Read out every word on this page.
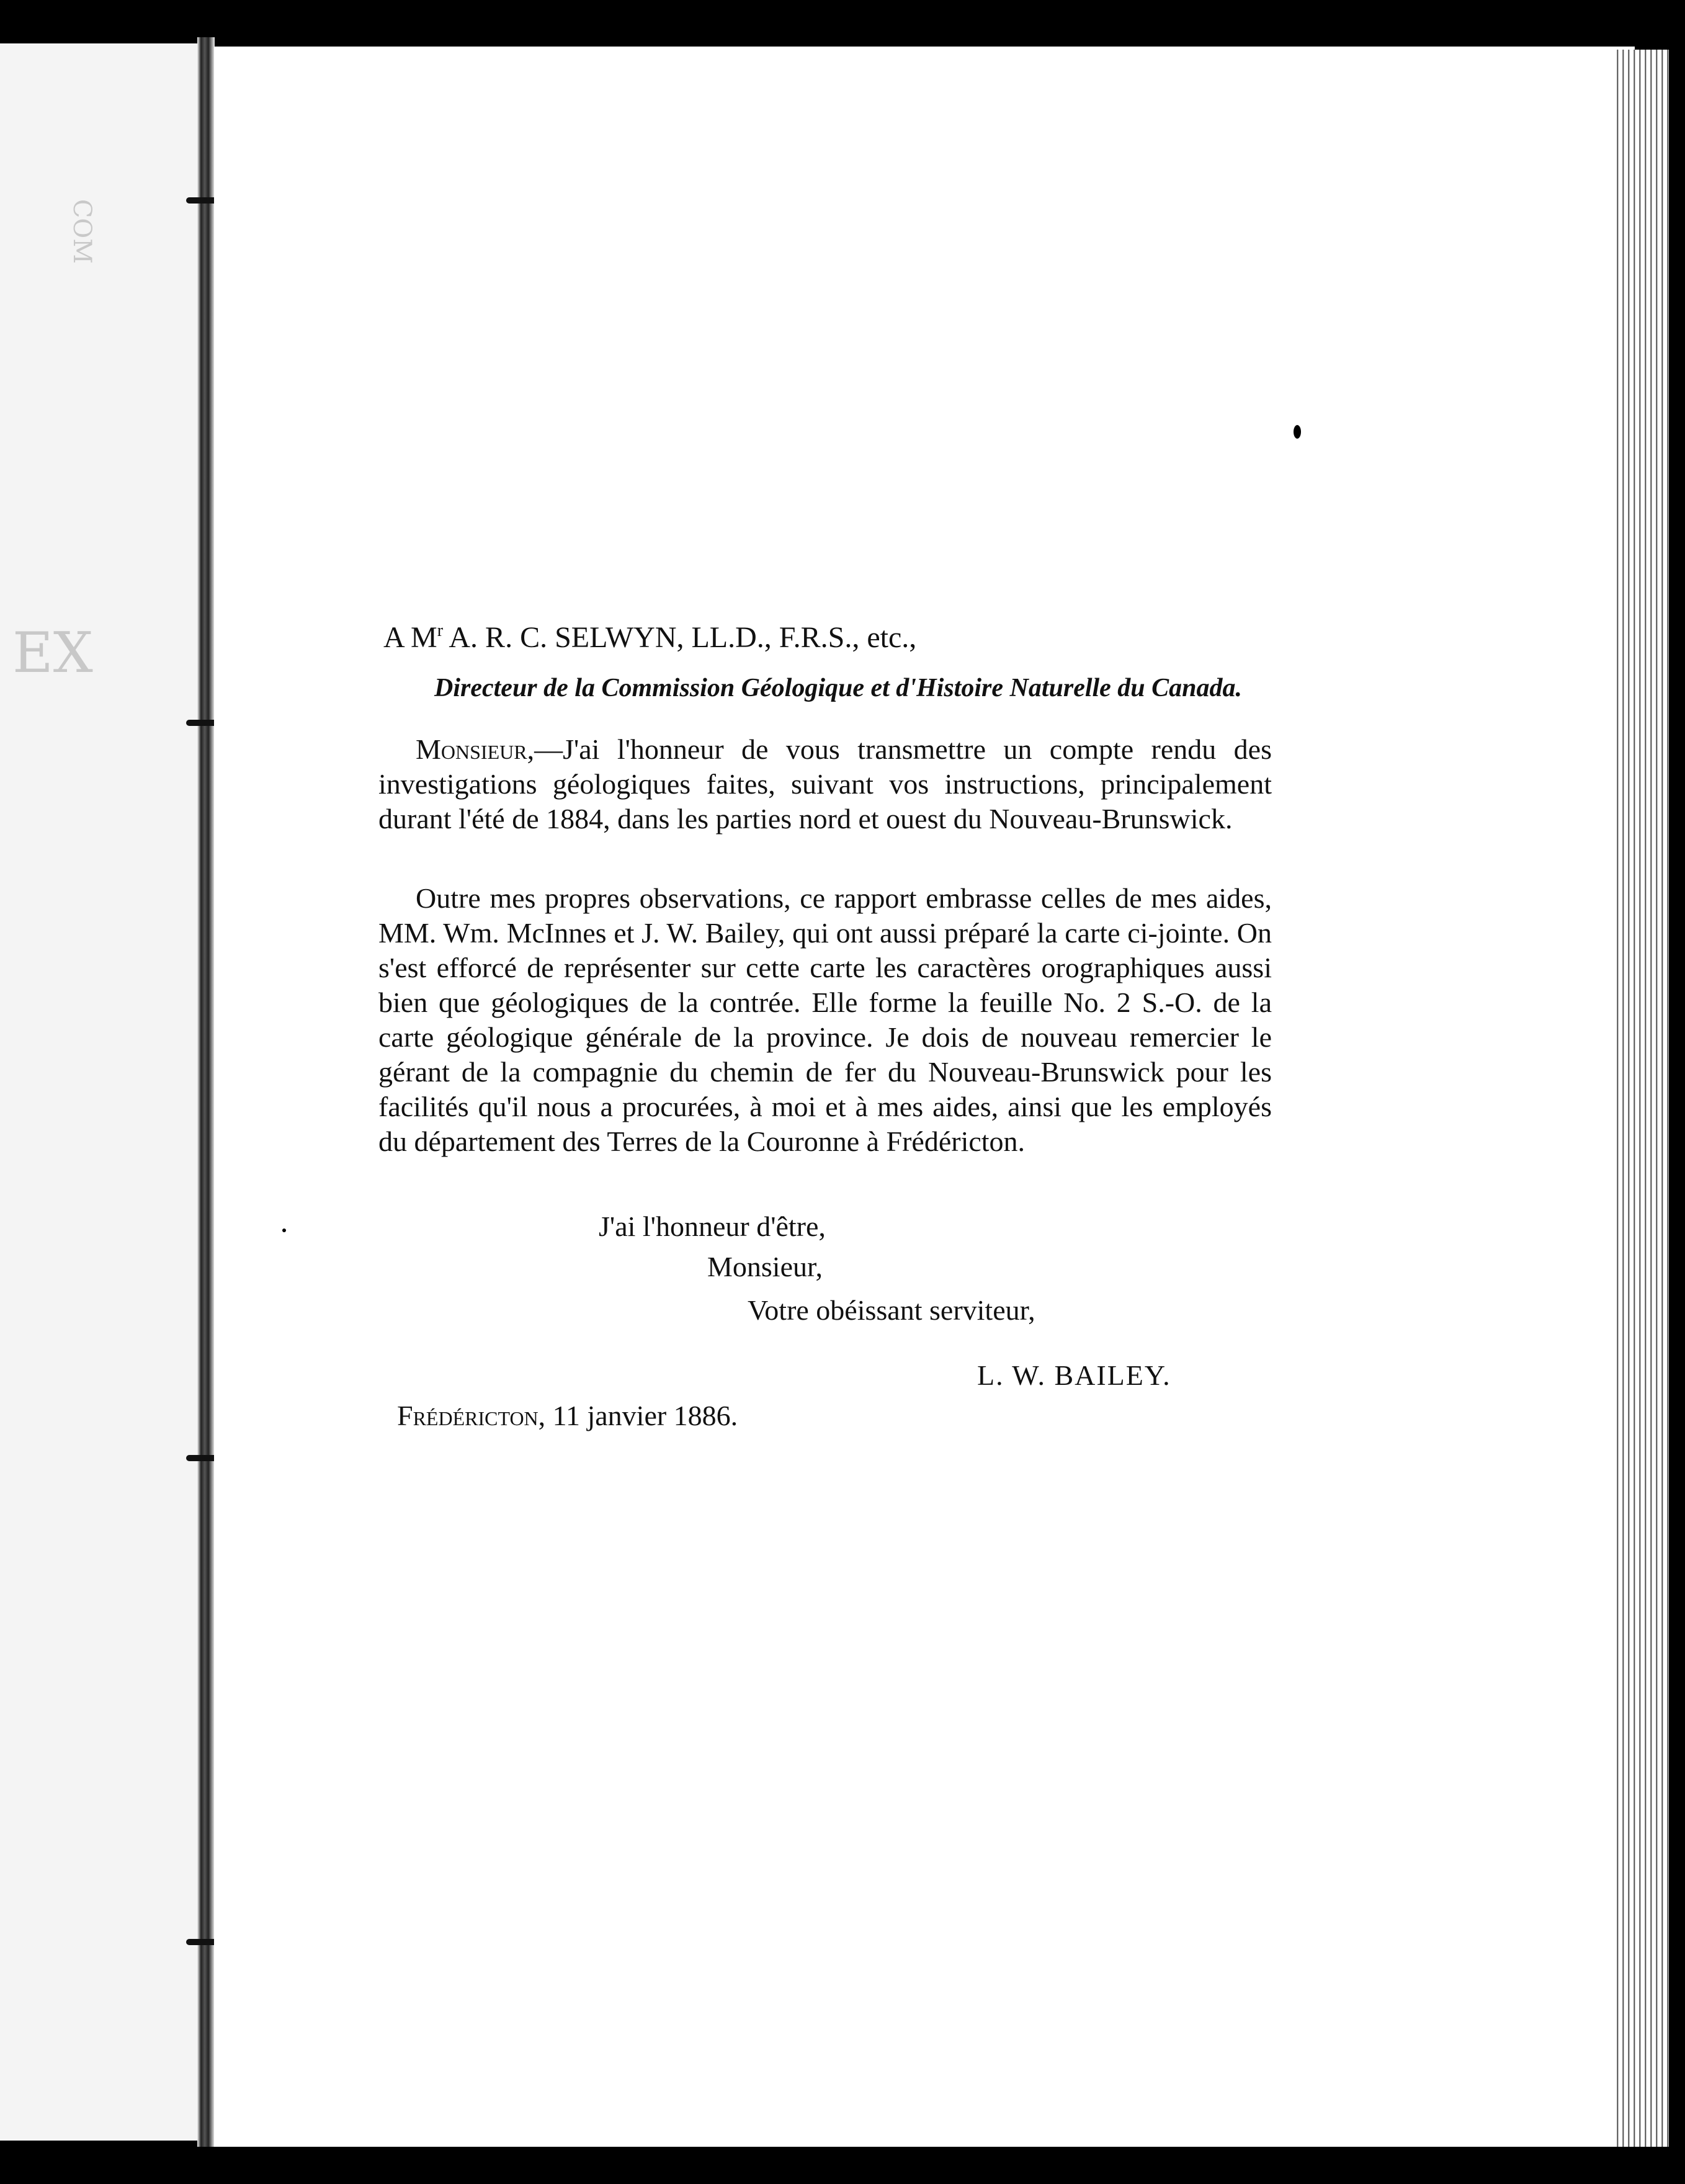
COM
EX	A $M^r$ A. R. C. SELWYN, LL.D., F.R.S., etc.,
Directeur de la Commission Géologique et d'Histoire Naturelle du Canada.
Monsieur,—J'ai l'honneur de vous transmettre un compte rendu des investigations géologiques faites, suivant vos instructions, principalement durant l'été de 1884, dans les parties nord et ouest du Nouveau-Brunswick.
Outre mes propres observations, ce rapport embrasse celles de mes aides, MM. Wm. McInnes et J. W. Bailey, qui ont aussi préparé la carte ci-jointe. On s'est efforcé de représenter sur cette carte les caractères orographiques aussi bien que géologiques de la contrée. Elle forme la feuille No. 2 S.-O. de la carte géologique générale de la province. Je dois de nouveau remercier le gérant de la compagnie du chemin de fer du Nouveau-Brunswick pour les facilités qu'il nous a procurées, à moi et à mes aides, ainsi que les employés du département des Terres de la Couronne à Frédéricton.
J'ai l'honneur d'être,
Monsieur,
Votre obéissant serviteur,
L. W. BAILEY.
Frédéricton, 11 janvier 1886.
